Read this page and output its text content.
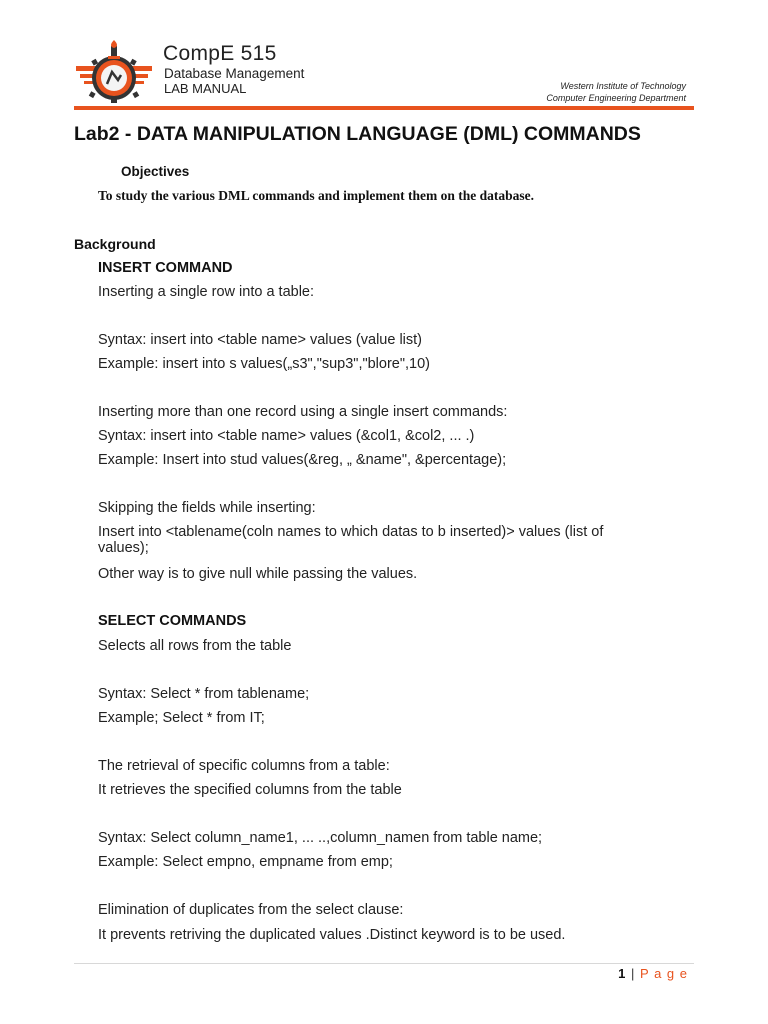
CompE 515
Database Management
LAB MANUAL	Western Institute of Technology
Computer Engineering Department
Lab2 - DATA MANIPULATION LANGUAGE (DML) COMMANDS
Objectives
To study the various DML commands and implement them on the database.
Background
INSERT COMMAND
Inserting a single row into a table:
Syntax: insert into <table name> values (value list)
Example: insert into s values(„s3","sup3","blore",10)
Inserting more than one record using a single insert commands:
Syntax: insert into <table name> values (&col1, &col2, ... .)
Example: Insert into stud values(&reg, „ &name", &percentage);
Skipping the fields while inserting:
Insert into <tablename(coln names to which datas to b inserted)> values (list of values);
Other way is to give null while passing the values.
SELECT COMMANDS
Selects all rows from the table
Syntax: Select * from tablename;
Example; Select * from IT;
The retrieval of specific columns from a table:
It retrieves the specified columns from the table
Syntax: Select column_name1, ... ..,column_namen from table name;
Example: Select empno, empname from emp;
Elimination of duplicates from the select clause:
It prevents retriving the duplicated values .Distinct keyword is to be used.
1 | P a g e
